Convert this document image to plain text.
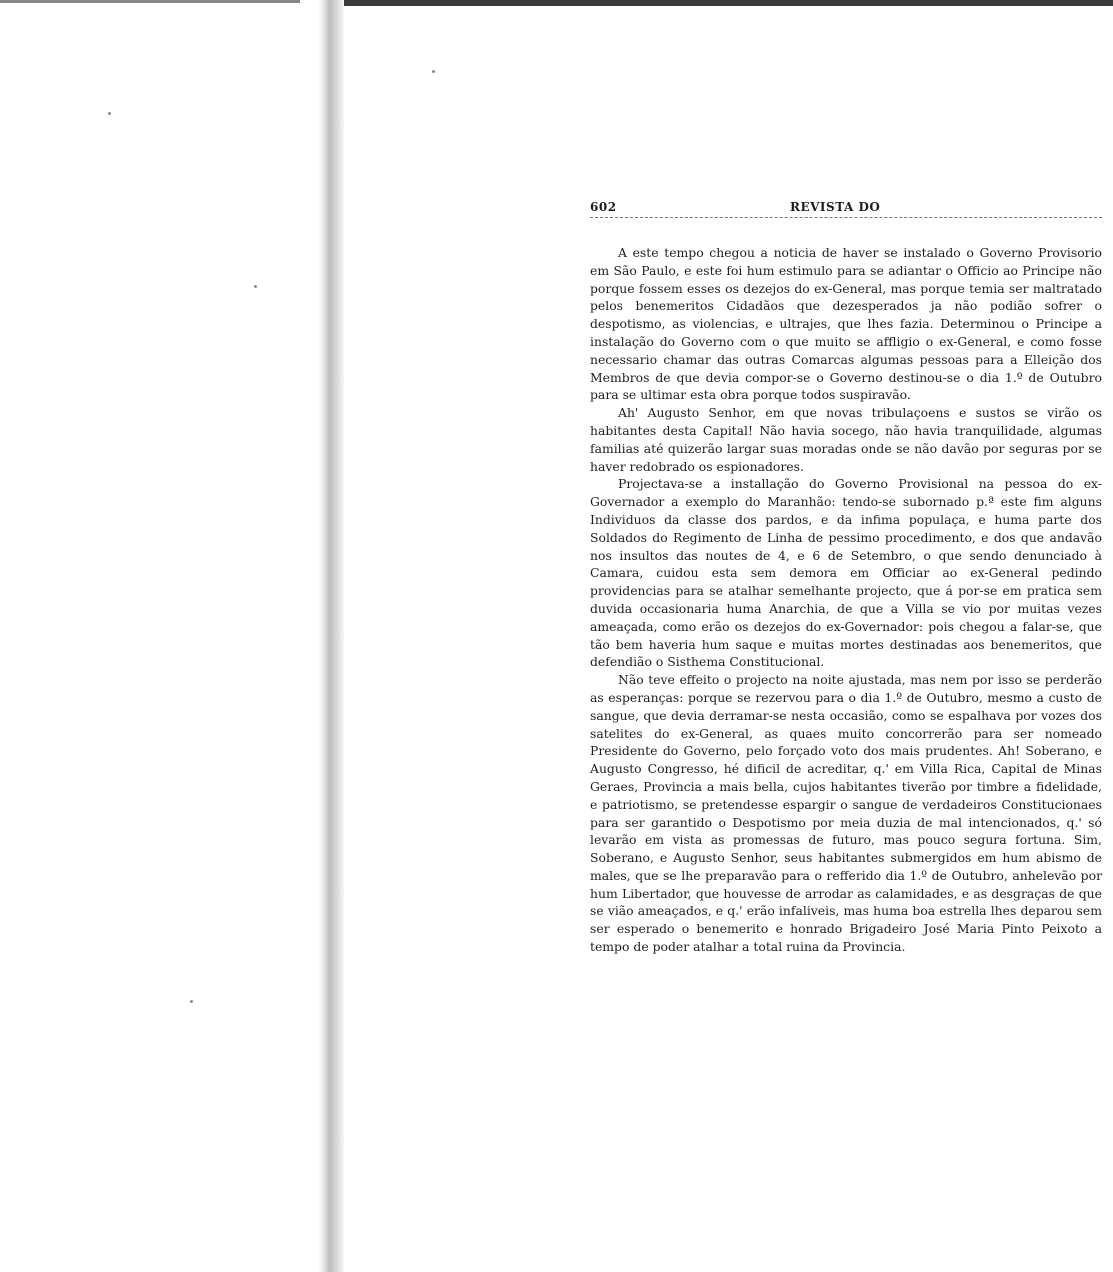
602	REVISTA DO

A este tempo chegou a noticia de haver se instalado o Governo Provisorio em São Paulo, e este foi hum estimulo para se adiantar o Officio ao Principe não porque fossem esses os dezejos do ex-General, mas porque temia ser maltratado pelos benemeritos Cidadãos que dezesperados ja não podião sofrer o despotismo, as violencias, e ultrajes, que lhes fazia. Determinou o Principe a instalação do Governo com o que muito se affligio o ex-General, e como fosse necessario chamar das outras Comarcas algumas pessoas para a Elleição dos Membros de que devia compor-se o Governo destinou-se o dia 1.º de Outubro para se ultimar esta obra porque todos suspiravão.

Ah' Augusto Senhor, em que novas tribulaçoens e sustos se virão os habitantes desta Capital! Não havia socego, não havia tranquilidade, algumas familias até quizerão largar suas moradas onde se não davão por seguras por se haver redobrado os espionadores.

Projectava-se a installação do Governo Provisional na pessoa do ex-Governador a exemplo do Maranhão: tendo-se subornado p.ª este fim alguns Individuos da classe dos pardos, e da infima populaça, e huma parte dos Soldados do Regimento de Linha de pessimo procedimento, e dos que andavão nos insultos das noutes de 4, e 6 de Setembro, o que sendo denunciado à Camara, cuidou esta sem demora em Officiar ao ex-General pedindo providencias para se atalhar semelhante projecto, que á por-se em pratica sem duvida occasionaria huma Anarchia, de que a Villa se vio por muitas vezes ameaçada, como erão os dezejos do ex-Governador: pois chegou a falar-se, que tão bem haveria hum saque e muitas mortes destinadas aos benemeritos, que defendião o Sisthema Constitucional.

Não teve effeito o projecto na noite ajustada, mas nem por isso se perderão as esperanças: porque se rezervou para o dia 1.º de Outubro, mesmo a custo de sangue, que devia derramar-se nesta occasião, como se espalhava por vozes dos satelites do ex-General, as quaes muito concorrerão para ser nomeado Presidente do Governo, pelo forçado voto dos mais prudentes. Ah! Soberano, e Augusto Congresso, hé dificil de acreditar, q.' em Villa Rica, Capital de Minas Geraes, Provincia a mais bella, cujos habitantes tiverão por timbre a fidelidade, e patriotismo, se pretendesse espargir o sangue de verdadeiros Constitucionaes para ser garantido o Despotismo por meia duzia de mal intencionados, q.' só levarão em vista as promessas de futuro, mas pouco segura fortuna. Sim, Soberano, e Augusto Senhor, seus habitantes submergidos em hum abismo de males, que se lhe preparavão para o refferido dia 1.º de Outubro, anhelevão por hum Libertador, que houvesse de arrodar as calamidades, e as desgraças de que se vião ameaçados, e q.' erão infaliveis, mas huma boa estrella lhes deparou sem ser esperado o benemerito e honrado Brigadeiro José Maria Pinto Peixoto a tempo de poder atalhar a total ruina da Provincia.
